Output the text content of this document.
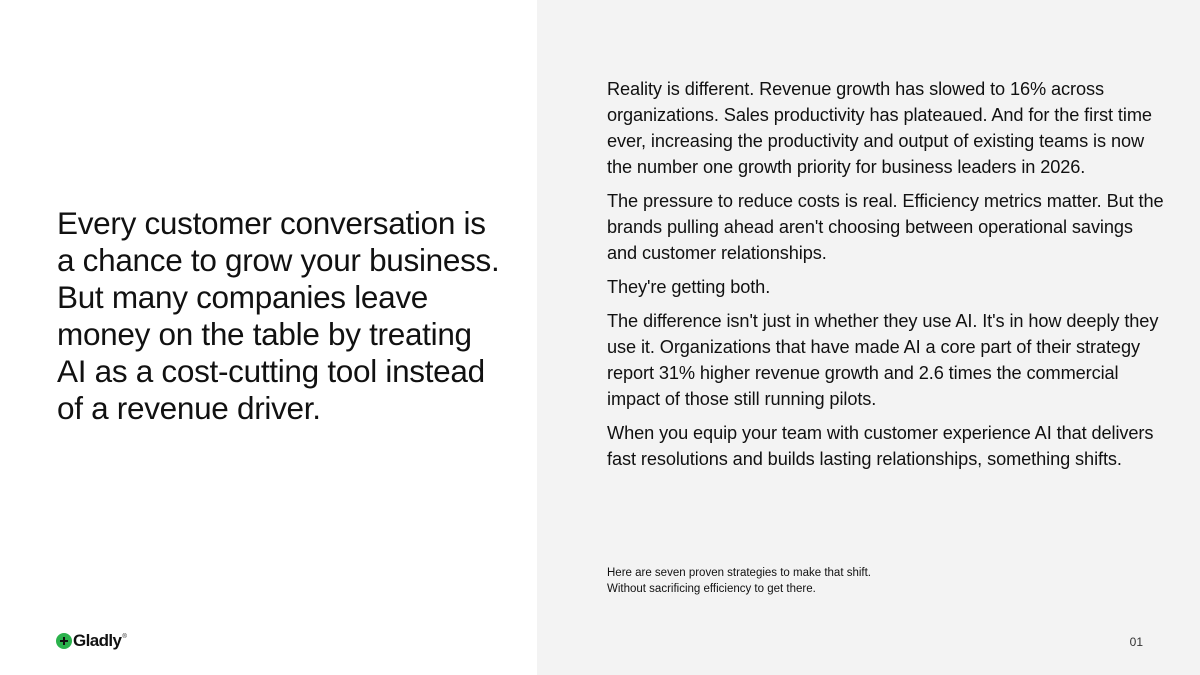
Every customer conversation is a chance to grow your business. But many companies leave money on the table by treating AI as a cost-cutting tool instead of a revenue driver.
Gladly ®

Reality is different. Revenue growth has slowed to 16% across organizations. Sales productivity has plateaued. And for the first time ever, increasing the productivity and output of existing teams is now the number one growth priority for business leaders in 2026.

The pressure to reduce costs is real. Efficiency metrics matter. But the brands pulling ahead aren't choosing between operational savings and customer relationships.

They're getting both.

The difference isn't just in whether they use AI. It's in how deeply they use it. Organizations that have made AI a core part of their strategy report 31% higher revenue growth and 2.6 times the commercial impact of those still running pilots.

When you equip your team with customer experience AI that delivers fast resolutions and builds lasting relationships, something shifts.

Here are seven proven strategies to make that shift.

Without sacrificing efficiency to get there.

01
